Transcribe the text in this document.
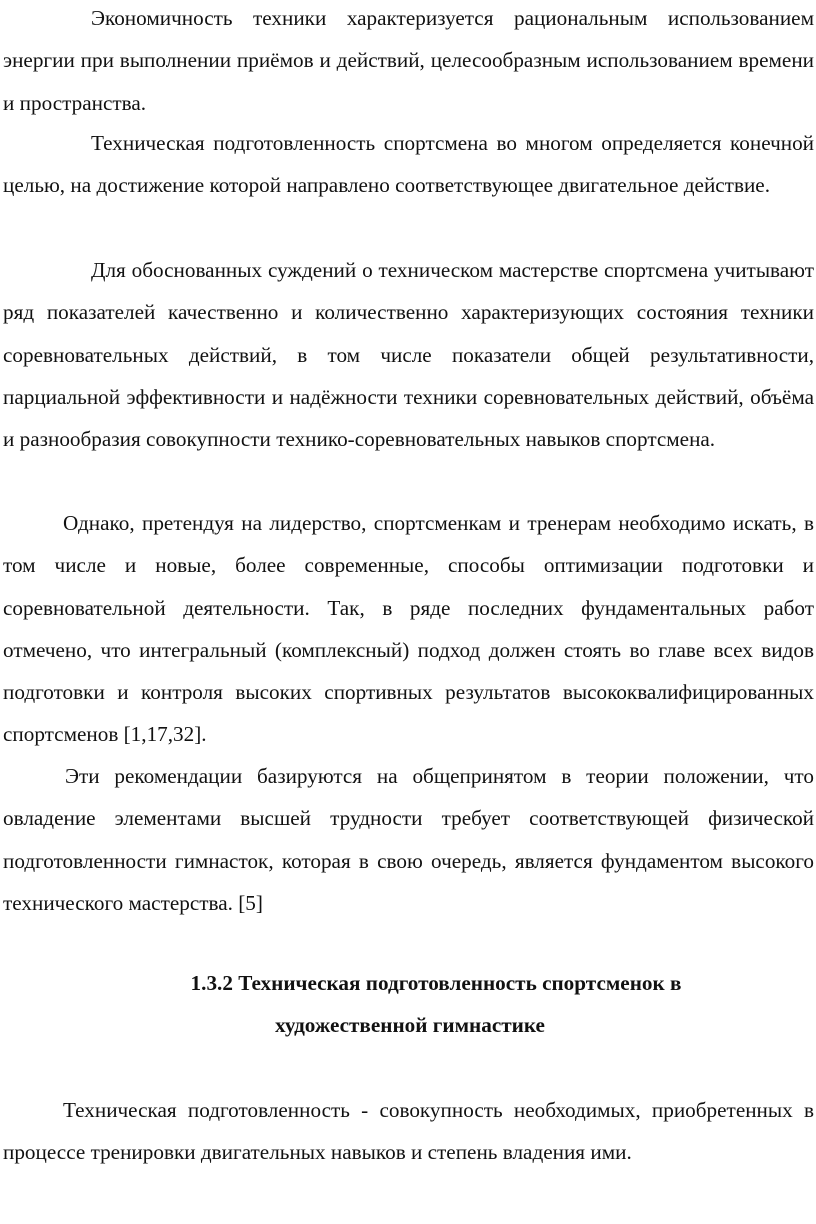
Экономичность техники характеризуется рациональным использованием энергии при выполнении приёмов и действий, целесообразным использованием времени и пространства.

Техническая подготовленность спортсмена во многом определяется конечной целью, на достижение которой направлено соответствующее двигательное действие.

Для обоснованных суждений о техническом мастерстве спортсмена учитывают ряд показателей качественно и количественно характеризующих состояния техники соревновательных действий, в том числе показатели общей результативности, парциальной эффективности и надёжности техники соревновательных действий, объёма и разнообразия совокупности технико-соревновательных навыков спортсмена.

Однако, претендуя на лидерство, спортсменкам и тренерам необходимо искать, в том числе и новые, более современные, способы оптимизации подготовки и соревновательной деятельности. Так, в ряде последних фундаментальных работ отмечено, что интегральный (комплексный) подход должен стоять во главе всех видов подготовки и контроля высоких спортивных результатов высококвалифицированных спортсменов [1,17,32].

Эти рекомендации базируются на общепринятом в теории положении, что овладение элементами высшей трудности требует соответствующей физической подготовленности гимнасток, которая в свою очередь, является фундаментом высокого технического мастерства. [5]

1.3.2 Техническая подготовленность спортсменок в
художественной гимнастике

Техническая подготовленность - совокупность необходимых, приобретенных в процессе тренировки двигательных навыков и степень владения ими.
